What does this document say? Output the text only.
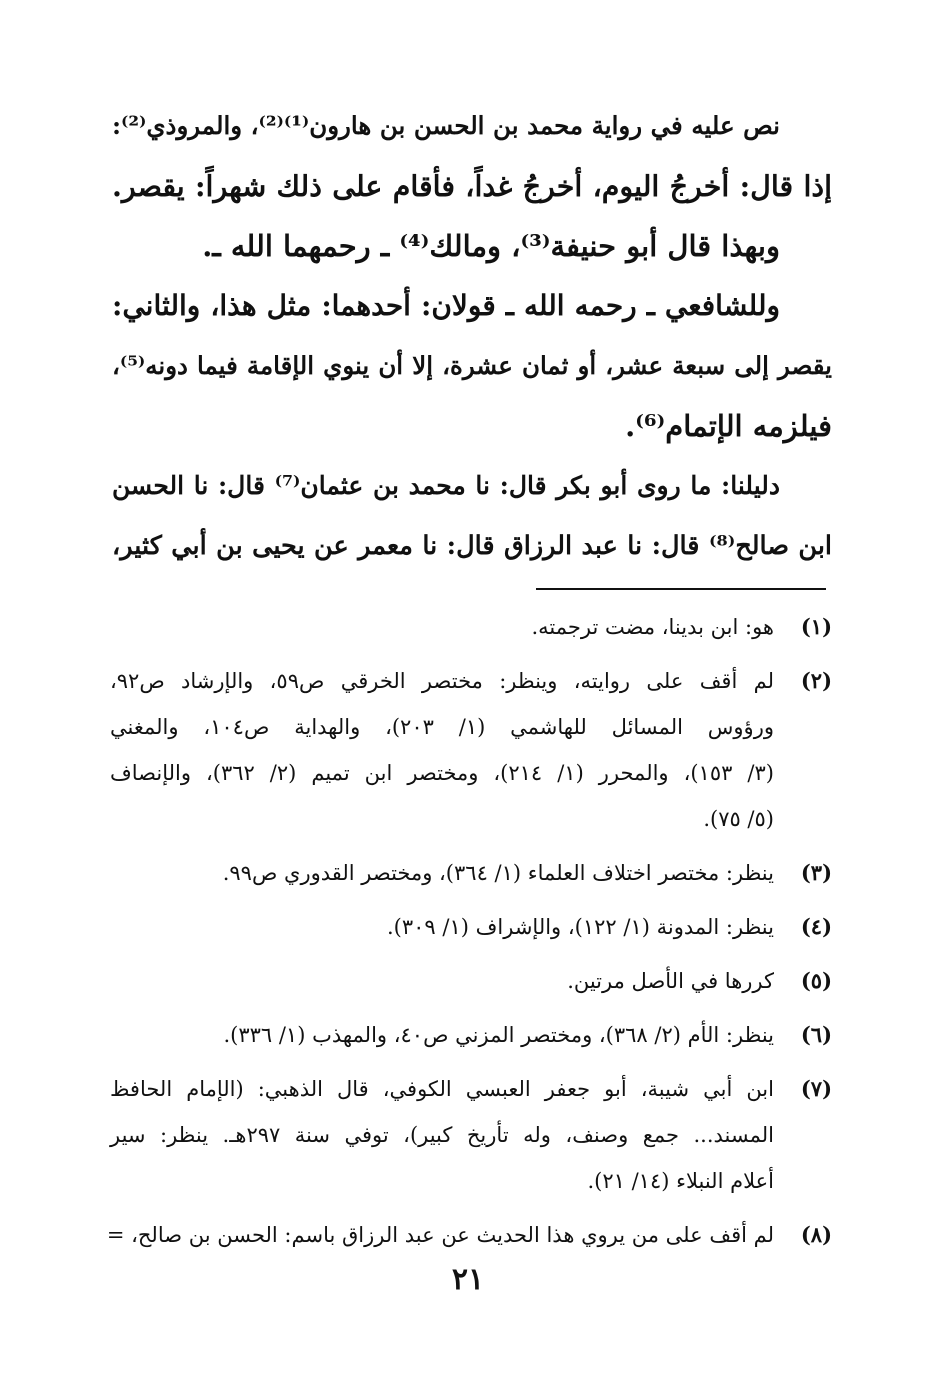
نص عليه في رواية محمد بن الحسن بن هارون⁽¹⁾⁽²⁾، والمروذي⁽²⁾:
إذا قال: أخرجُ اليوم، أخرجُ غداً، فأقام على ذلك شهراً: يقصر.
وبهذا قال أبو حنيفة⁽³⁾، ومالك⁽⁴⁾ ـ رحمهما الله ـ.
وللشافعي ـ رحمه الله ـ قولان: أحدهما: مثل هذا، والثاني:
يقصر إلى سبعة عشر، أو ثمان عشرة، إلا أن ينوي الإقامة فيما دونه⁽⁵⁾،
فيلزمه الإتمام⁽⁶⁾.
دليلنا: ما روى أبو بكر قال: نا محمد بن عثمان⁽⁷⁾ قال: نا الحسن
ابن صالح⁽⁸⁾ قال: نا عبد الرزاق قال: نا معمر عن يحيى بن أبي كثير،
(١)
هو: ابن بدينا، مضت ترجمته.
(٢)
لم أقف على روايته، وينظر: مختصر الخرقي ص٥٩، والإرشاد ص٩٢،
ورؤوس المسائل للهاشمي (١/ ٢٠٣)، والهداية ص١٠٤، والمغني
(٣/ ١٥٣)، والمحرر (١/ ٢١٤)، ومختصر ابن تميم (٢/ ٣٦٢)، والإنصاف
(٥/ ٧٥).
(٣)
ينظر: مختصر اختلاف العلماء (١/ ٣٦٤)، ومختصر القدوري ص٩٩.
(٤)
ينظر: المدونة (١/ ١٢٢)، والإشراف (١/ ٣٠٩).
(٥)
كررها في الأصل مرتين.
(٦)
ينظر: الأم (٢/ ٣٦٨)، ومختصر المزني ص٤٠، والمهذب (١/ ٣٣٦).
(٧)
ابن أبي شيبة، أبو جعفر العبسي الكوفي، قال الذهبي: (الإمام الحافظ
المسند... جمع وصنف، وله تأريخ كبير)، توفي سنة ٢٩٧هـ. ينظر: سير
أعلام النبلاء (١٤/ ٢١).
(٨)
لم أقف على من يروي هذا الحديث عن عبد الرزاق باسم: الحسن بن صالح، =
٢١
